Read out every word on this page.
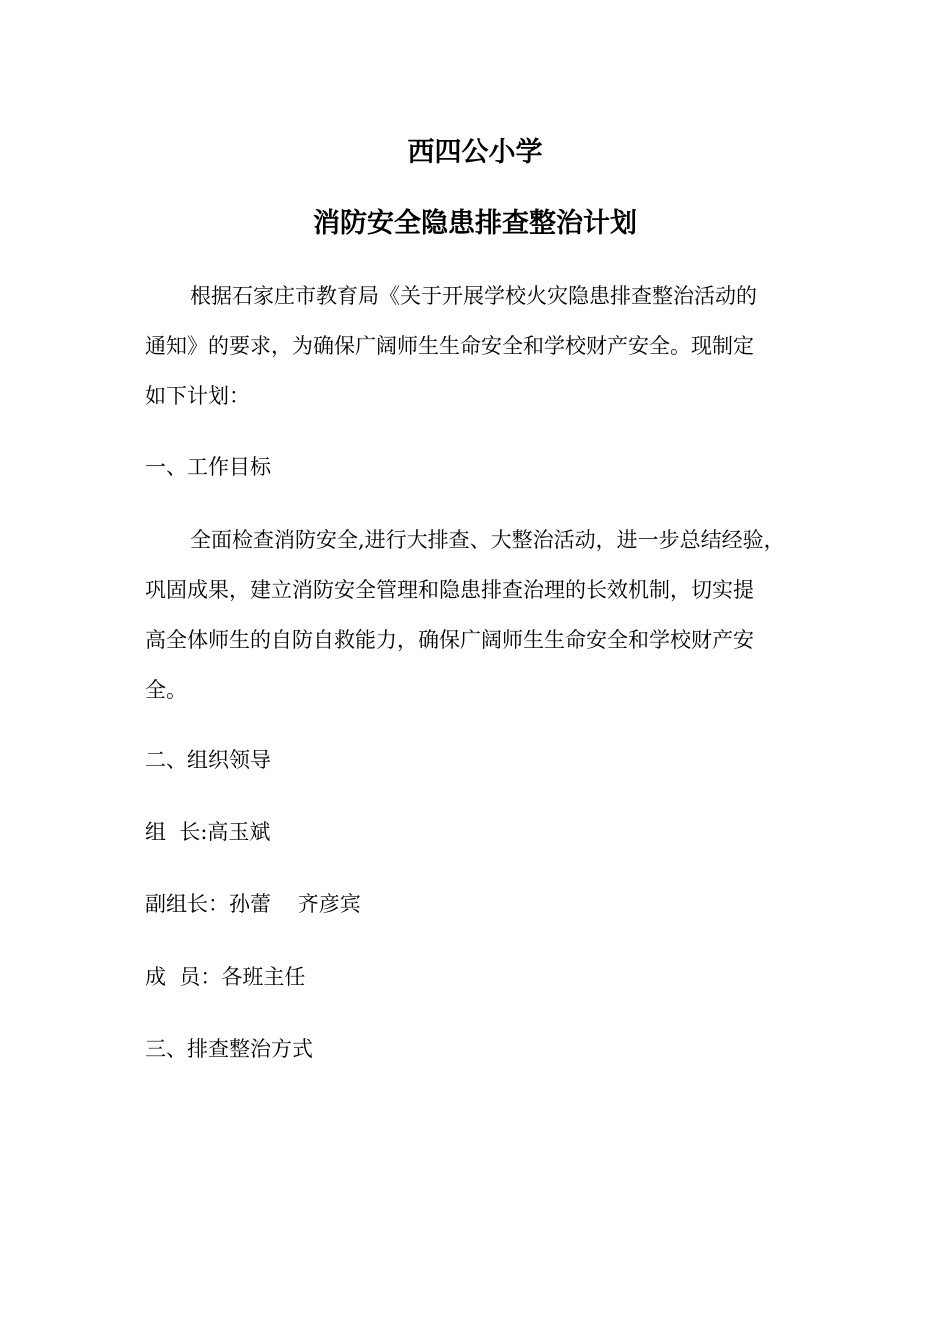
西四公小学
消防安全隐患排查整治计划
根据石家庄市教育局《关于开展学校火灾隐患排查整治活动的
通知》的要求，为确保广阔师生生命安全和学校财产安全。现制定
如下计划：
一、工作目标
全面检查消防安全,进行大排查、大整治活动，进一步总结经验，
巩固成果，建立消防安全管理和隐患排查治理的长效机制，切实提
高全体师生的自防自救能力，确保广阔师生生命安全和学校财产安
全。
二、组织领导
组  长:高玉斌
副组长：孙蕾    齐彦宾
成  员：各班主任
三、排查整治方式
